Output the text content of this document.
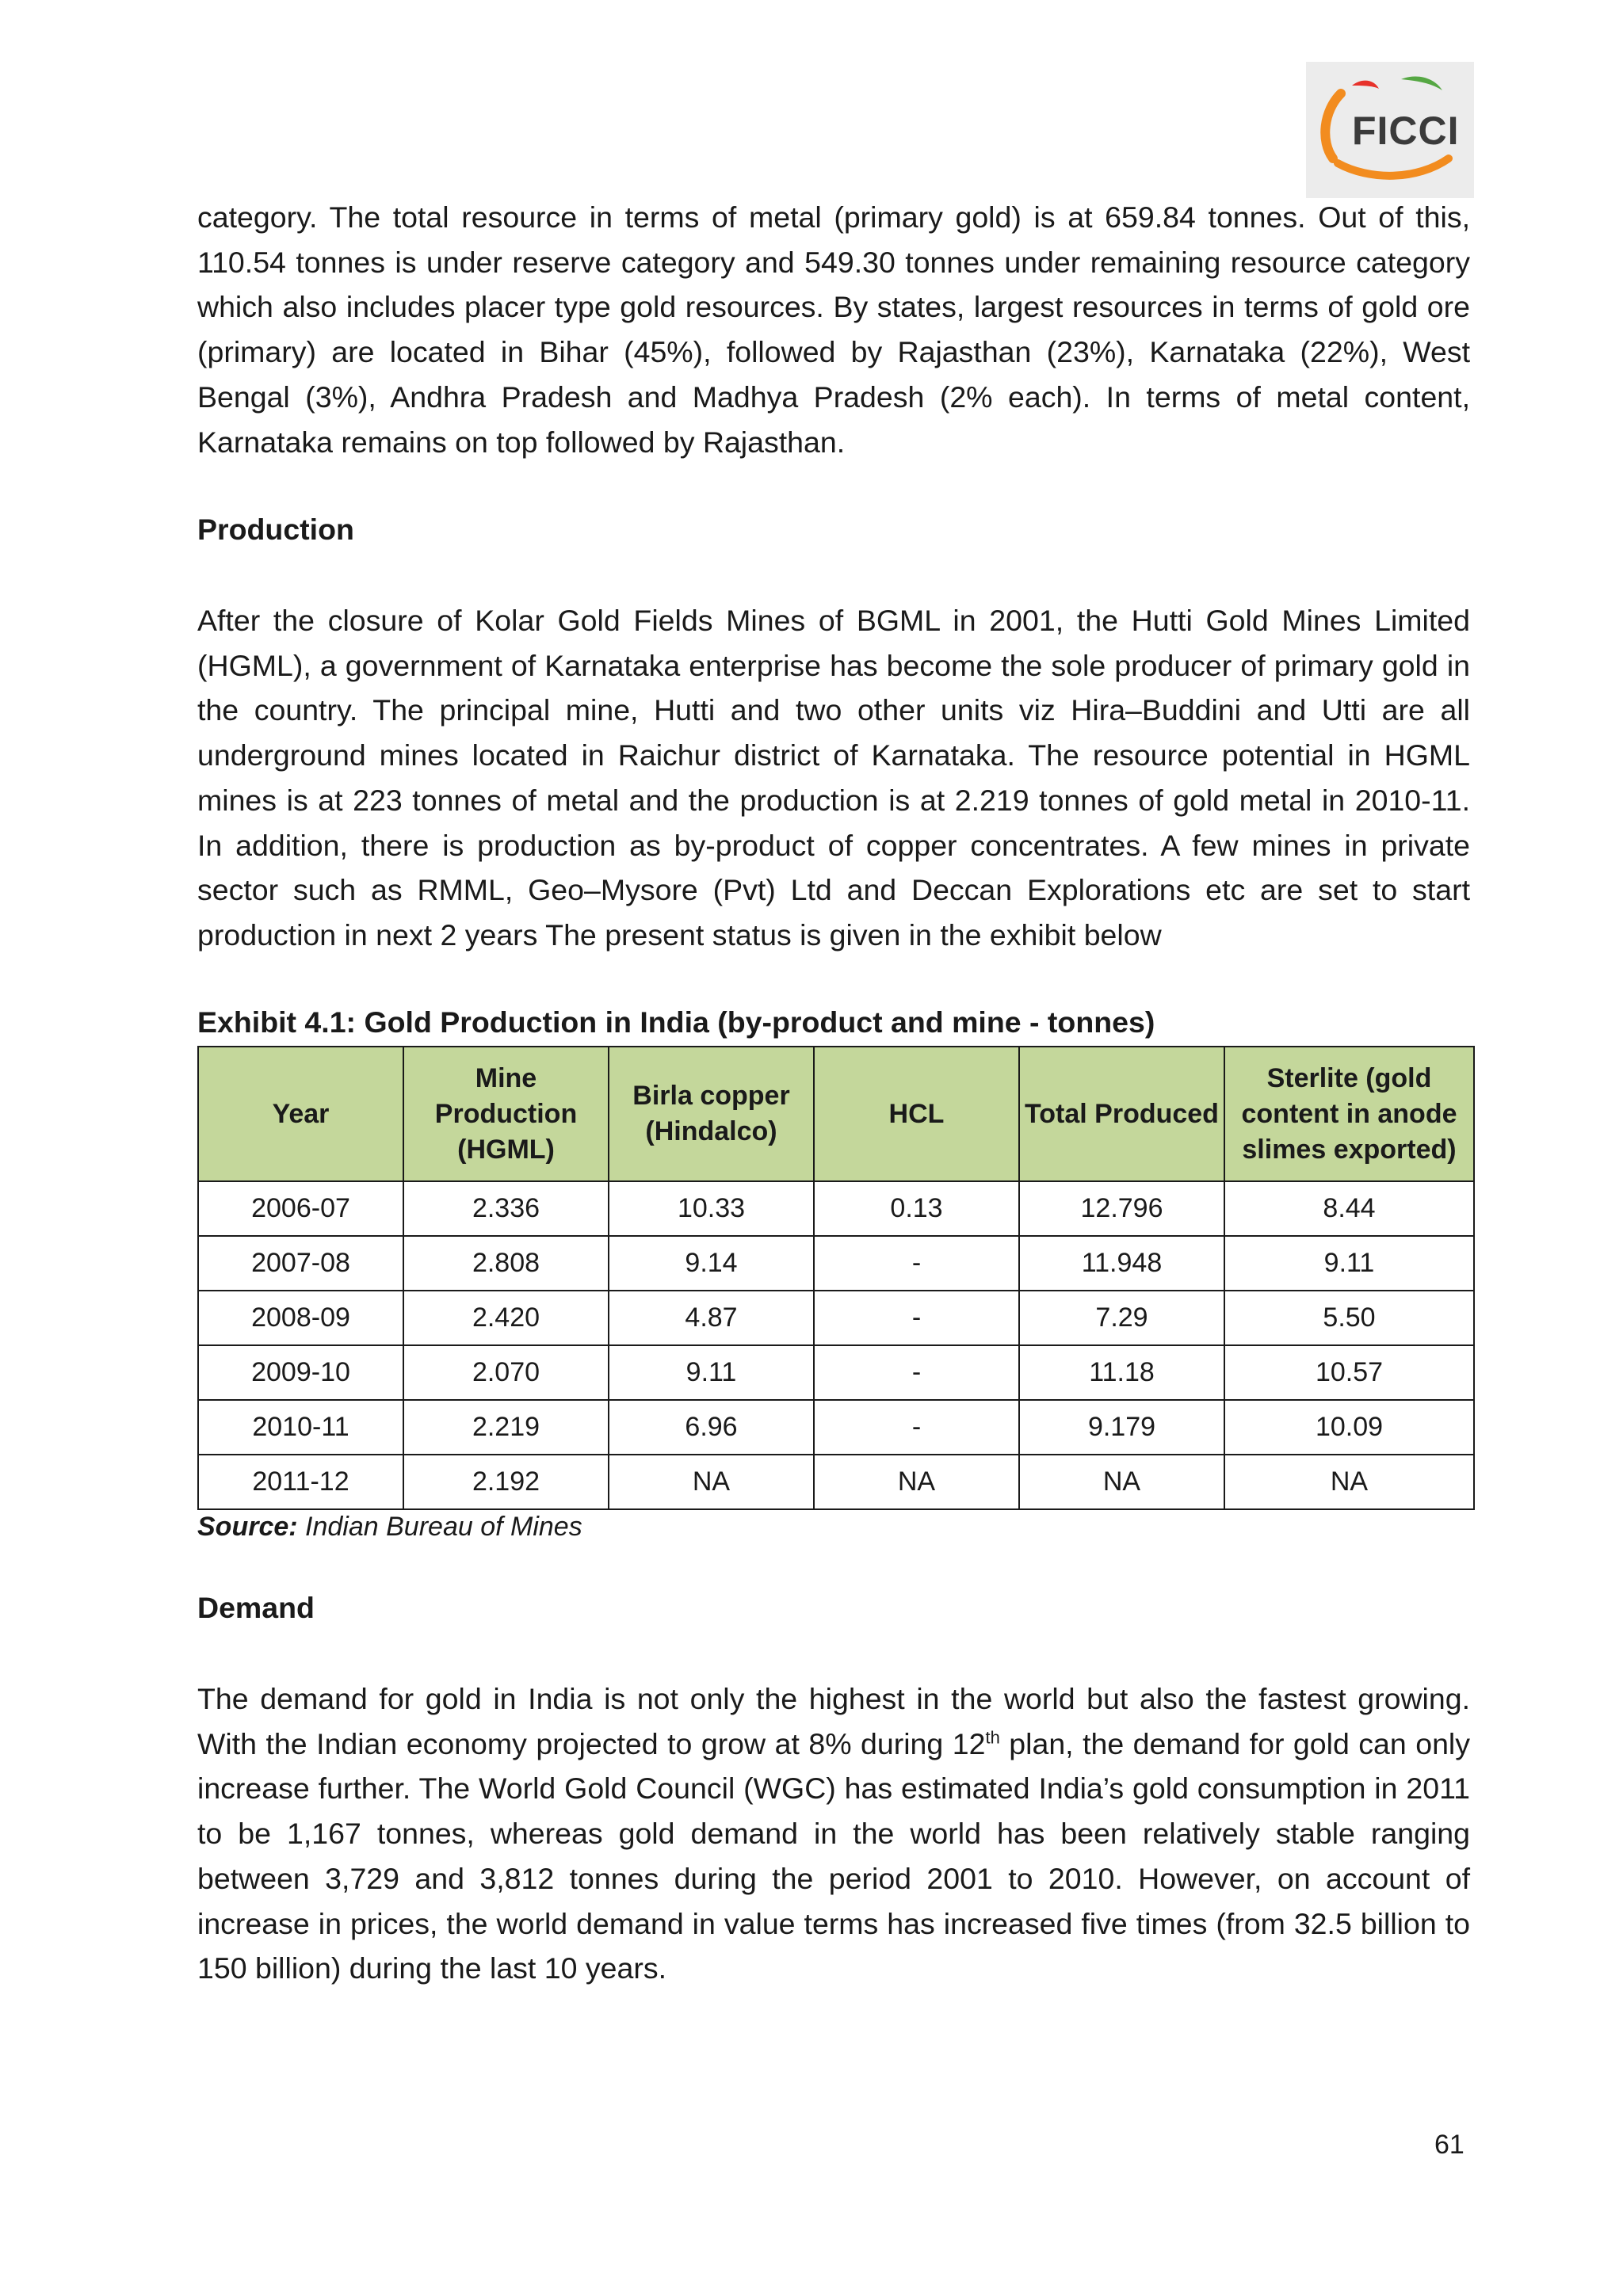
FICCI

category. The total resource in terms of metal (primary gold) is at 659.84 tonnes. Out of this, 110.54 tonnes is under reserve category and 549.30 tonnes under remaining resource category which also includes placer type gold resources. By states, largest resources in terms of gold ore (primary) are located in Bihar (45%), followed by Rajasthan (23%), Karnataka (22%), West Bengal (3%), Andhra Pradesh and Madhya Pradesh (2% each). In terms of metal content, Karnataka remains on top followed by Rajasthan.

Production

After the closure of Kolar Gold Fields Mines of BGML in 2001, the Hutti Gold Mines Limited (HGML), a government of Karnataka enterprise has become the sole producer of primary gold in the country. The principal mine, Hutti and two other units viz Hira–Buddini and Utti are all underground mines located in Raichur district of Karnataka. The resource potential in HGML mines is at 223 tonnes of metal and the production is at 2.219 tonnes of gold metal in 2010-11. In addition, there is production as by-product of copper concentrates. A few mines in private sector such as RMML, Geo–Mysore (Pvt) Ltd and Deccan Explorations etc are set to start production in next 2 years The present status is given in the exhibit below

Exhibit 4.1: Gold Production in India (by-product and mine - tonnes)
Year	Mine Production (HGML)	Birla copper (Hindalco)	HCL	Total Produced	Sterlite (gold content in anode slimes exported)
2006-07	2.336	10.33	0.13	12.796	8.44
2007-08	2.808	9.14	-	11.948	9.11
2008-09	2.420	4.87	-	7.29	5.50
2009-10	2.070	9.11	-	11.18	10.57
2010-11	2.219	6.96	-	9.179	10.09
2011-12	2.192	NA	NA	NA	NA
Source: Indian Bureau of Mines
Demand

The demand for gold in India is not only the highest in the world but also the fastest growing. With the Indian economy projected to grow at 8% during 12th plan, the demand for gold can only increase further. The World Gold Council (WGC) has estimated India’s gold consumption in 2011 to be 1,167 tonnes, whereas gold demand in the world has been relatively stable ranging between 3,729 and 3,812 tonnes during the period 2001 to 2010. However, on account of increase in prices, the world demand in value terms has increased five times (from 32.5 billion to 150 billion) during the last 10 years.

61
